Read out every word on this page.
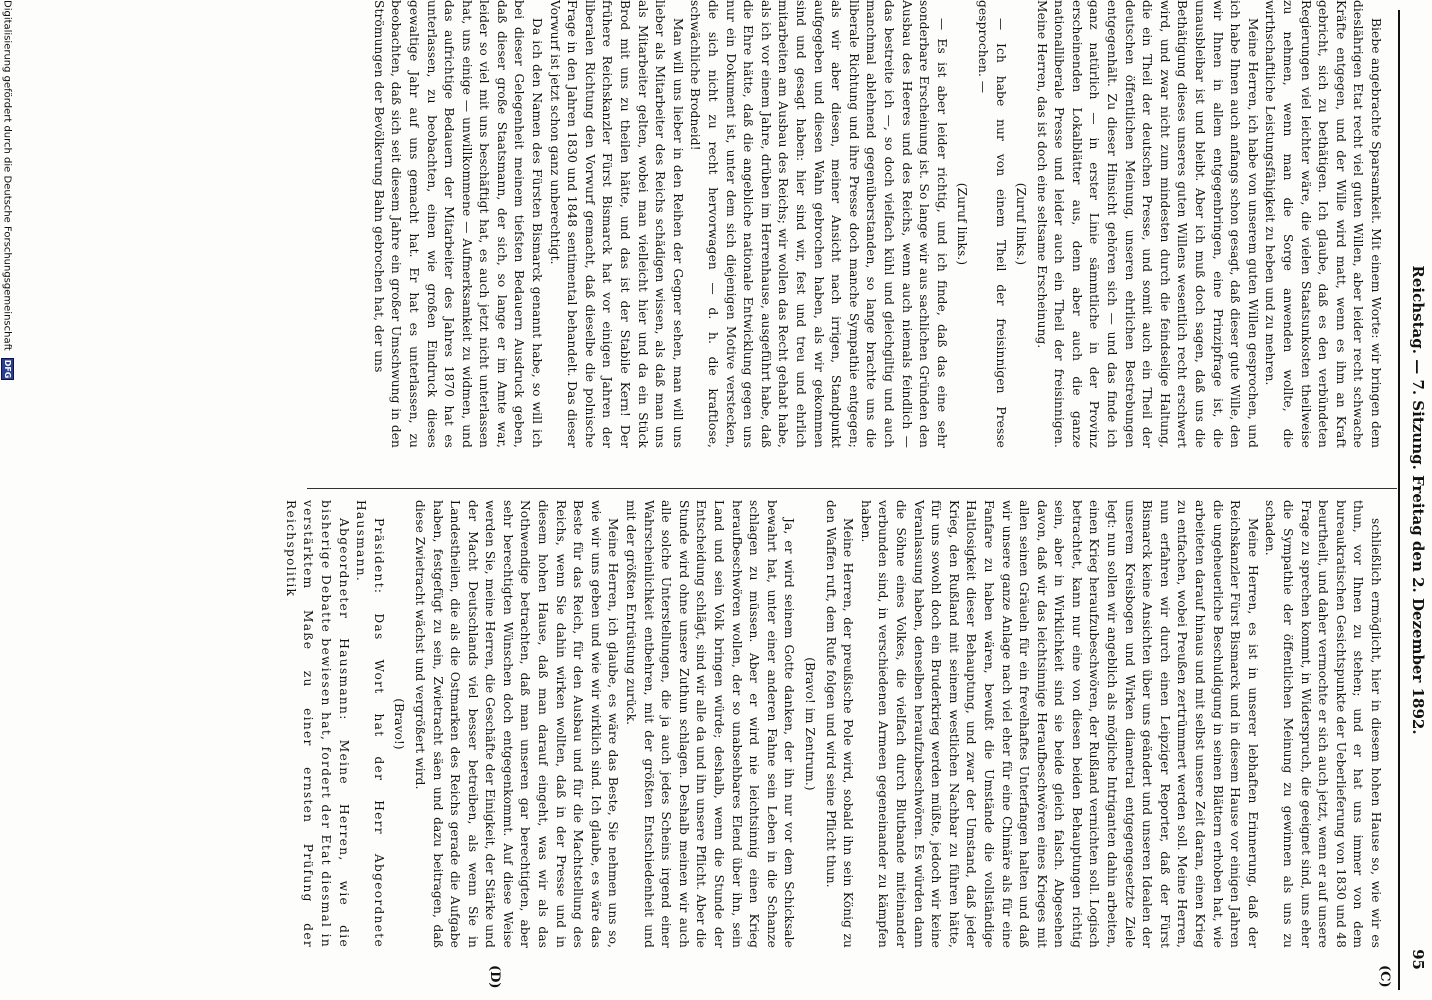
Reichstag. — 7. Sitzung. Freitag den 2. Dezember 1892.
95
(C)
(D)

Biebe angebrachte Sparsamkeit. Mit einem Worte: wir bringen dem dieslährigen Etat recht viel guten Willen, aber leider recht schwache Kräfte entgegen, und der Wille wird matt, wenn es ihm an Kraft gebricht, sich zu bethätigen. Ich glaube, daß es den verbündeten Regierungen viel leichter wäre, die vielen Staatsunkosten theilweise zu nehmen, wenn man die Sorge anwenden wollte, die wirthschaftliche Leistungsfähigkeit zu heben und zu mehren.

Meine Herren, ich habe von unserem guten Willen gesprochen, und ich habe Ihnen auch anfangs schon gesagt, daß dieser gute Wille, den wir Ihnen in allem entgegenbringen, eine Prinzipfrage ist, die unausbleibar ist und bleibt. Aber ich muß doch sagen, daß uns die Bethätigung dieses unseres guten Willens wesentlich recht erschwert wird, und zwar nicht zum mindesten durch die feindselige Haltung, die ein Theil der deutschen Presse, und somit auch ein Theil der deutschen öffentlichen Meinung, unseren ehrlichen Bestrebungen entgegenhält. Zu dieser Hinsicht gehören sich — und das finde ich ganz natürlich — in erster Linie sämmtliche in der Provinz erscheinenden Lokalblätter aus, denn aber auch die ganze nationalliberale Presse und leider auch ein Theil der freisinnigen. Meine Herren, das ist doch eine seltsame Erscheinung.

(Zuruf links.)

— Ich habe nur von einem Theil der freisinnigen Presse gesprochen. —

(Zuruf links.)

— Es ist aber leider richtig, und ich finde, daß das eine sehr sonderbare Erscheinung ist. So lange wir aus sachlichen Gründen den Ausbau des Heeres und des Reichs, wenn auch niemals feindlich — das bestreite ich —, so doch vielfach kühl und gleichgiltig und auch manchmal ablehnend gegenüberstanden, so lange brachte uns die liberale Richtung und ihre Presse doch manche Sympathie entgegen; als wir aber diesen, meiner Ansicht nach irrigen, Standpunkt aufgegeben und diesen Wahn gebrochen haben, als wir gekommen sind und gesagt haben: hier sind wir, fest und treu und ehrlich mitarbeiten am Ausbau des Reichs; wir wollen das Recht gehabt habe, als ich vor einem Jahre, drüben im Herrenhause, ausgeführt habe, daß die Ehre hätte, daß die angebliche nationale Entwicklung gegen uns nur ein Dokument ist, unter dem sich diejenigen Motive verstecken, die sich nicht zu recht hervorwagen — d. h. die kraftlose, schwächliche Brodneid!

Man will uns lieber in den Reihen der Gegner sehen, man will uns lieber als Mitarbeiter des Reichs schädigen wissen, als daß man uns als Mitarbeiter gelten, wobei man vielleicht hier und da ein Stück Brod mit uns zu theilen hätte, und das ist der Stabile Kern! Der frühere Reichskanzler Fürst Bismarck hat vor einigen Jahren der liberalen Richtung den Vorwurf gemacht, daß dieselbe die polnische Frage in den Jahren 1830 und 1848 sentimental behandelt. Das dieser Vorwurf ist jetzt schon ganz unberechtigt.

Da ich den Namen des Fürsten Bismarck genannt habe, so will ich bei dieser Gelegenheit meinem tiefsten Bedauern Ausdruck geben, daß dieser große Staatsmann, der sich, so lange er im Amte war, leider so viel mit uns beschäftigt hat, es auch jetzt nicht unterlassen hat, uns einige — unwillkommene — Aufmerksamkeit zu widmen, und das aufrichtige Bedauern der Mitarbeiter des Jahres 1870 hat es unterlassen, zu beobachten, einen wie großen Eindruck dieses gewaltige Jahr auf uns gemacht hat. Er hat es unterlassen, zu beobachten, daß sich seit diesem Jahre ein großer Umschwung in den Strömungen der Bevölkerung Bahn gebrochen hat, der uns

schließlich ermöglicht, hier in diesem hohen Hause so, wie wir es thun, vor Ihnen zu stehen; und er hat uns immer von dem bureaukratischen Gesichtspunkte der Ueberlieferung von 1830 und 48 beurtheilt, und daher vermochte er sich auch jetzt, wenn er auf unsere Frage zu sprechen kommt, in Widerspruch, die geeignet sind, uns eher die Sympathie der öffentlichen Meinung zu gewinnen als uns zu schaden.

Meine Herren, es ist in unserer lebhaften Erinnerung, daß der Reichskanzler Fürst Bismarck und in diesem Hause vor einigen Jahren die ungeheuerliche Beschuldigung in seinen Blättern erhoben hat, wie arbeiteten darauf hinaus und mit selbst unsere Zeit daran, einen Krieg zu entfachen, wobei Preußen zertrümmert werden soll. Meine Herren, nun erfahren wir durch einen Leipziger Reporter, daß der Fürst Bismarck keine Ansichten über uns geändert und unseren Idealen der unserem Kreisbogen und Wirken diametral entgegengesetzte Ziele legt: nun sollen wir angeblich als mögliche Intriganten dahin arbeiten, einen Krieg heraufzubeschwören, der Rußland vernichten soll. Logisch betrachtet, kann nur eine von diesen beiden Behauptungen richtig sein, aber in Wirklichkeit sind sie beide gleich falsch. Abgesehen davon, daß wir das leichtsinnige Heraufbeschwören eines Krieges mit allen seinen Gräueln für ein frevelhaftes Unterfangen halten und daß wir unsere ganze Anlage nach viel eher für eine Chimäre als für eine Fanfare zu haben wären, bewußt die Umstände die vollständige Haltlosigkeit dieser Behauptung, und zwar der Umstand, daß jeder Krieg, den Rußland mit seinem westlichen Nachbar zu führen hätte, für uns sowohl doch ein Bruderkrieg werden müßte, jedoch wir keine Veranlassung haben, denselben heraufzubeschwören. Es würden dann die Söhne eines Volkes, die vielfach durch Blutbande miteinander verbunden sind, in verschiedenen Armeen gegeneinander zu kämpfen haben.

Meine Herren, der preußische Pole wird, sobald ihn sein König zu den Waffen ruft, dem Rufe folgen und wird seine Pflicht thun.

(Bravo! im Zentrum.)

Ja, er wird seinem Gotte danken, der ihn nur vor dem Schicksale bewahrt hat, unter einer anderen Fahne sein Leben in die Schanze schlagen zu müssen. Aber er wird nie leichtsinnig einen Krieg heraufbeschwören wollen, der so unabsehbares Elend über ihn, sein Land und sein Volk bringen würde; deshalb, wenn die Stunde der Entscheidung schlägt, sind wir alle da und ihn unsere Pflicht. Aber die Stunde wird ohne unsere Zuthun schlagen. Deshalb meinen wir auch alle solche Unterstellungen, die ja auch jedes Scheins irgend einer Wahrscheinlichkeit entbehren, mit der größten Entschiedenheit und mit der größten Entrüstung zurück.

Meine Herren, ich glaube, es wäre das Beste, Sie nehmen uns so, wie wir uns geben und wie wir wirklich sind. Ich glaube, es wäre das Beste für das Reich, für den Ausbau und für die Machtstellung des Reichs, wenn Sie dahin wirken wollten, daß in der Presse und in diesem hohen Hause, daß man darauf eingeht, was wir als das Nothwendige betrachten, daß man unseren gar berechtigten, aber sehr berechtigten Wünschen doch entgegenkommt. Auf diese Weise werden Sie, meine Herren, die Geschäfte der Einigkeit, der Stärke und der Macht Deutschlands viel besser betreiben, als wenn Sie in Landestheilen, die als die Ostmarken des Reichs gerade die Aufgabe haben, festgefügt zu sein, Zwietracht säen und dazu beitragen, daß diese Zwietracht wächst und vergrößert wird.

(Bravo!)

Präsident: Das Wort hat der Herr Abgeordnete Hausmann.

Abgeordneter Hausmann: Meine Herren, wie die bisherige Debatte bewiesen hat, fordert der Etat diesmal in verstärktem Maße zu einer ernsten Prüfung der Reichspolitik

Digitalisierung gefördert durch die Deutsche Forschungsgemeinschaft DFG
